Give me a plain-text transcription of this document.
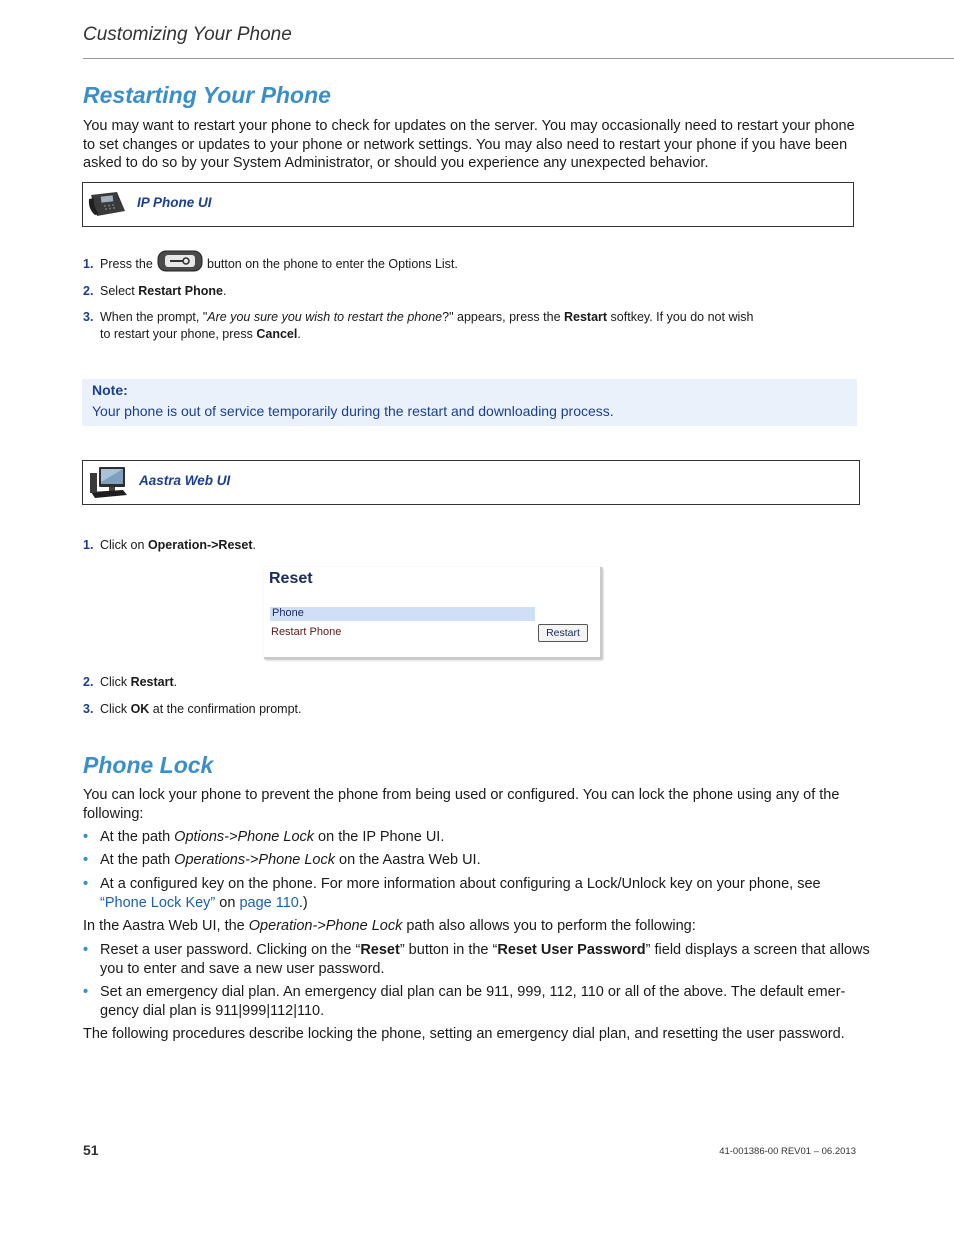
Customizing Your Phone
Restarting Your Phone
You may want to restart your phone to check for updates on the server. You may occasionally need to restart your phone to set changes or updates to your phone or network settings. You may also need to restart your phone if you have been asked to do so by your System Administrator, or should you experience any unexpected behavior.
IP Phone UI
1. Press the	button on the phone to enter the Options List.
2. Select Restart Phone.
3. When the prompt, "Are you sure you wish to restart the phone?" appears, press the Restart softkey. If you do not wish
to restart your phone, press Cancel.
Note:
Your phone is out of service temporarily during the restart and downloading process.
Aastra Web UI
1. Click on Operation->Reset.
Reset
Phone
Restart Phone	Restart
2. Click Restart.
3. Click OK at the confirmation prompt.
Phone Lock
You can lock your phone to prevent the phone from being used or configured. You can lock the phone using any of the following:
• At the path Options->Phone Lock on the IP Phone UI.
• At the path Operations->Phone Lock on the Aastra Web UI.
• At a configured key on the phone. For more information about configuring a Lock/Unlock key on your phone, see
“Phone Lock Key” on page 110.)
In the Aastra Web UI, the Operation->Phone Lock path also allows you to perform the following:
• Reset a user password. Clicking on the “Reset” button in the “Reset User Password” field displays a screen that allows
you to enter and save a new user password.
• Set an emergency dial plan. An emergency dial plan can be 911, 999, 112, 110 or all of the above. The default emer-
gency dial plan is 911|999|112|110.
The following procedures describe locking the phone, setting an emergency dial plan, and resetting the user password.
51	41-001386-00 REV01 – 06.2013
